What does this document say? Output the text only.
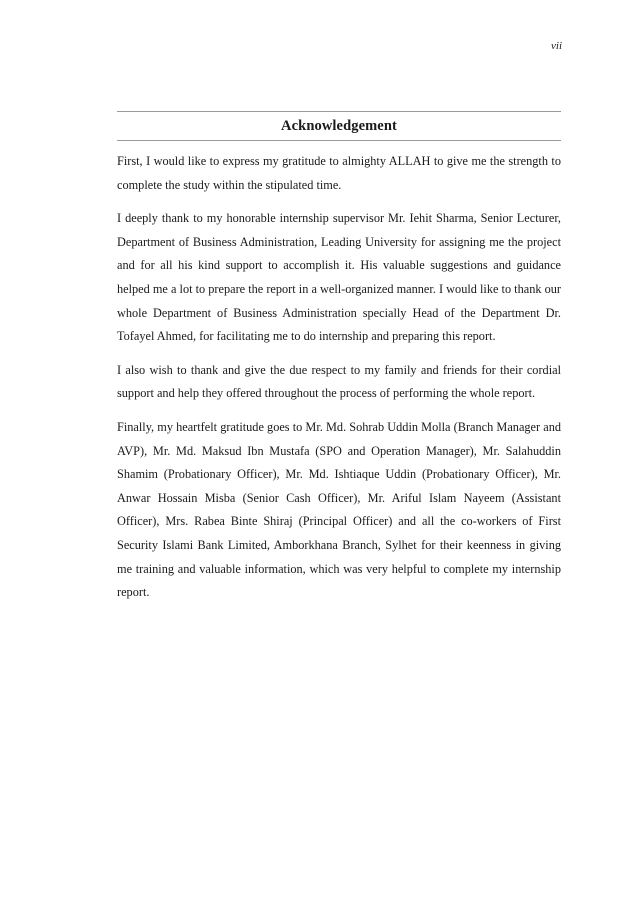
vii
Acknowledgement

First, I would like to express my gratitude to almighty ALLAH to give me the strength to complete the study within the stipulated time.

I deeply thank to my honorable internship supervisor Mr. Iehit Sharma, Senior Lecturer, Department of Business Administration, Leading University for assigning me the project and for all his kind support to accomplish it. His valuable suggestions and guidance helped me a lot to prepare the report in a well-organized manner. I would like to thank our whole Department of Business Administration specially Head of the Department Dr. Tofayel Ahmed, for facilitating me to do internship and preparing this report.

I also wish to thank and give the due respect to my family and friends for their cordial support and help they offered throughout the process of performing the whole report.

Finally, my heartfelt gratitude goes to Mr. Md. Sohrab Uddin Molla (Branch Manager and AVP), Mr. Md. Maksud Ibn Mustafa (SPO and Operation Manager), Mr. Salahuddin Shamim (Probationary Officer), Mr. Md. Ishtiaque Uddin (Probationary Officer), Mr. Anwar Hossain Misba (Senior Cash Officer), Mr. Ariful Islam Nayeem (Assistant Officer), Mrs. Rabea Binte Shiraj (Principal Officer) and all the co-workers of First Security Islami Bank Limited, Amborkhana Branch, Sylhet for their keenness in giving me training and valuable information, which was very helpful to complete my internship report.
